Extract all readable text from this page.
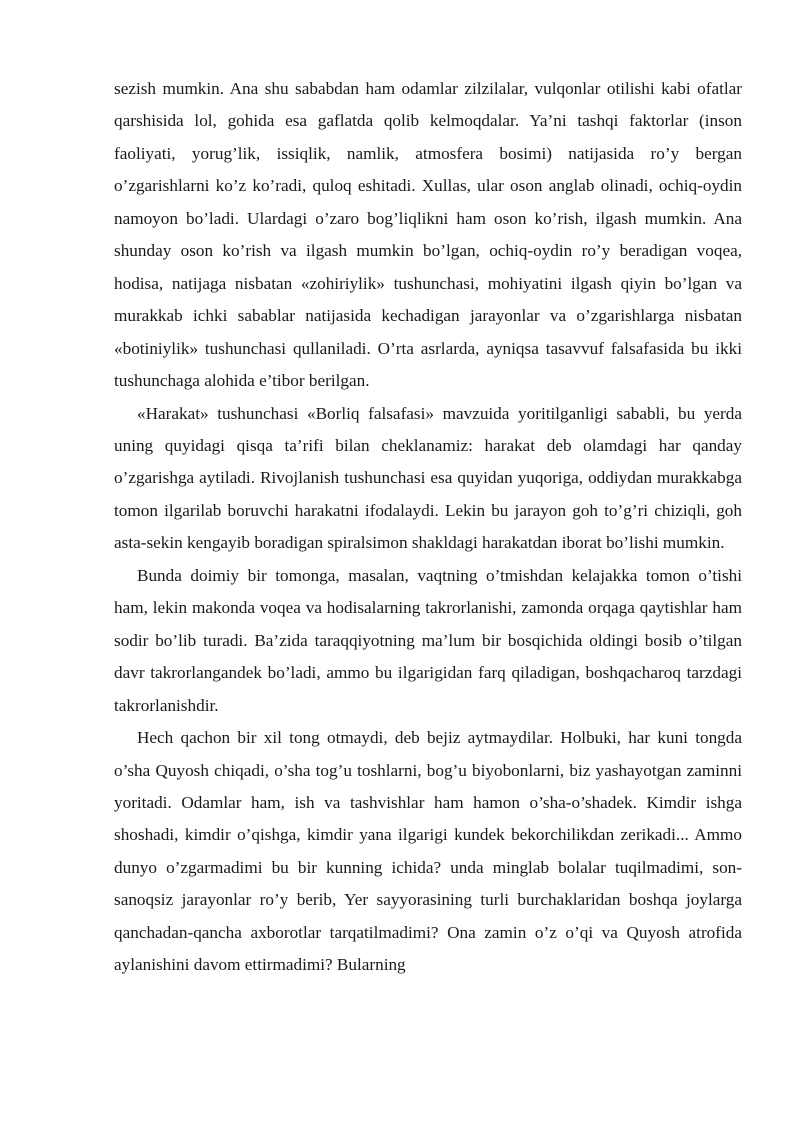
sezish mumkin. Ana shu sababdan ham odamlar zilzilalar, vulqonlar otilishi kabi ofatlar qarshisida lol, gohida esa gaflatda qolib kelmoqdalar. Ya’ni tashqi faktorlar (inson faoliyati, yorug’lik, issiqlik, namlik, atmosfera bosimi) natijasida ro’y bergan o’zgarishlarni ko’z ko’radi, quloq eshitadi. Xullas, ular oson anglab olinadi, ochiq-oydin namoyon bo’ladi. Ulardagi o’zaro bog’liqlikni ham oson ko’rish, ilgash mumkin. Ana shunday oson ko’rish va ilgash mumkin bo’lgan, ochiq-oydin ro’y beradigan voqea, hodisa, natijaga nisbatan «zohiriylik» tushunchasi, mohiyatini ilgash qiyin bo’lgan va murakkab ichki sabablar natijasida kechadigan jarayonlar va o’zgarishlarga nisbatan «botiniylik» tushunchasi qullaniladi. O’rta asrlarda, ayniqsa tasavvuf falsafasida bu ikki tushunchaga alohida e’tibor berilgan.

«Harakat» tushunchasi «Borliq falsafasi» mavzuida yoritilganligi sababli, bu yerda uning quyidagi qisqa ta’rifi bilan cheklanamiz: harakat deb olamdagi har qanday o’zgarishga aytiladi. Rivojlanish tushunchasi esa quyidan yuqoriga, oddiydan murakkabga tomon ilgarilab boruvchi harakatni ifodalaydi. Lekin bu jarayon goh to’g’ri chiziqli, goh asta-sekin kengayib boradigan spiralsimon shakldagi harakatdan iborat bo’lishi mumkin.

Bunda doimiy bir tomonga, masalan, vaqtning o’tmishdan kelajakka tomon o’tishi ham, lekin makonda voqea va hodisalarning takrorlanishi, zamonda orqaga qaytishlar ham sodir bo’lib turadi. Ba’zida taraqqiyotning ma’lum bir bosqichida oldingi bosib o’tilgan davr takrorlangandek bo’ladi, ammo bu ilgarigidan farq qiladigan, boshqacharoq tarzdagi takrorlanishdir.

Hech qachon bir xil tong otmaydi, deb bejiz aytmaydilar. Holbuki, har kuni tongda o’sha Quyosh chiqadi, o’sha tog’u toshlarni, bog’u biyobonlarni, biz yashayotgan zaminni yoritadi. Odamlar ham, ish va tashvishlar ham hamon o’sha-o’shadek. Kimdir ishga shoshadi, kimdir o’qishga, kimdir yana ilgarigi kundek bekorchilikdan zerikadi... Ammo dunyo o’zgarmadimi bu bir kunning ichida? unda minglab bolalar tuqilmadimi, son-sanoqsiz jarayonlar ro’y berib, Yer sayyorasining turli burchaklaridan boshqa joylarga qanchadan-qancha axborotlar tarqatilmadimi? Ona zamin o’z o’qi va Quyosh atrofida aylanishini davom ettirmadimi? Bularning
